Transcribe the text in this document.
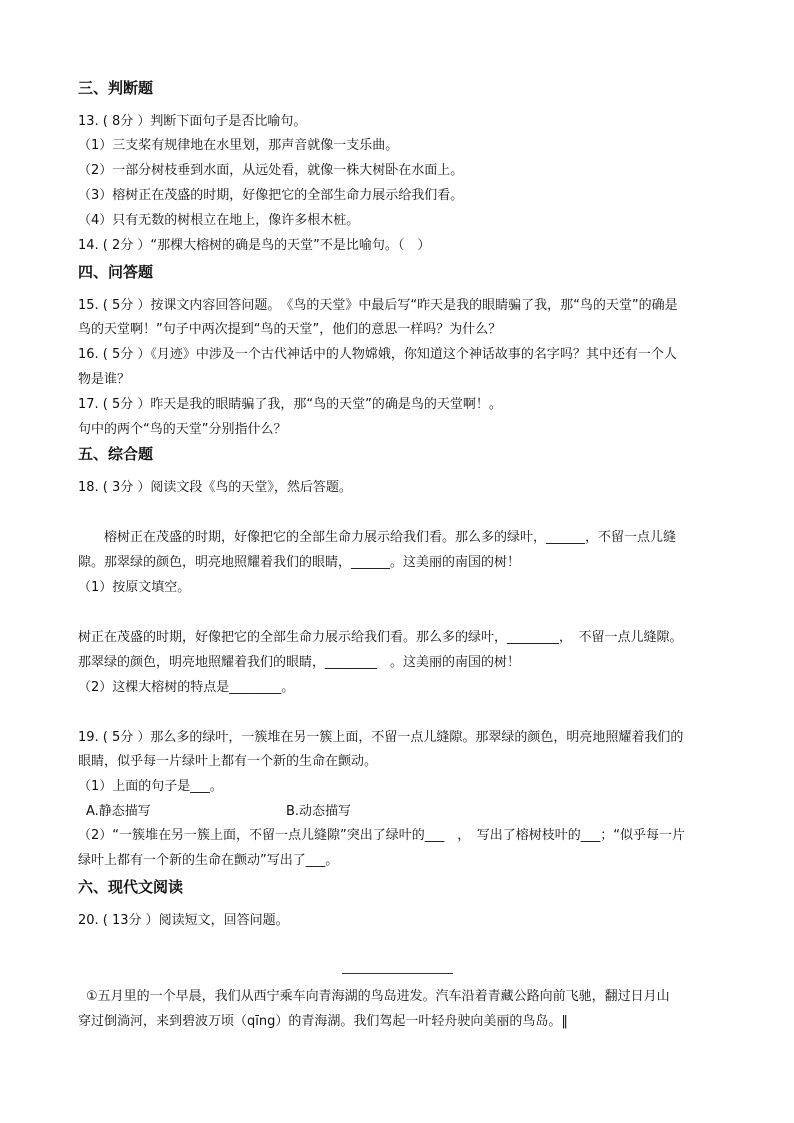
三、判断题
13. ( 8分 ）判断下面句子是否比喻句。
（1）三支桨有规律地在水里划，那声音就像一支乐曲。
（2）一部分树枝垂到水面，从远处看，就像一株大树卧在水面上。
（3）榕树正在茂盛的时期，好像把它的全部生命力展示给我们看。
（4）只有无数的树根立在地上，像许多根木桩。
14. ( 2分 ）“那棵大榕树的确是鸟的天堂”不是比喻句。（　）
四、问答题
15. ( 5分 ）按课文内容回答问题。　《鸟的天堂》中最后写“昨天是我的眼睛骗了我，那“鸟的天堂”的确是
鸟的天堂啊！”句子中两次提到“鸟的天堂”，他们的意思一样吗？为什么？
16. ( 5分 ）《月迹》中涉及一个古代神话中的人物嫦娥，你知道这个神话故事的名字吗？其中还有一个人
物是谁？
17. ( 5分 ）昨天是我的眼睛骗了我，那“鸟的天堂”的确是鸟的天堂啊！。
句中的两个“鸟的天堂”分别指什么？
五、综合题
18. ( 3分 ）阅读文段《鸟的天堂》，然后答题。
　　榕树正在茂盛的时期，好像把它的全部生命力展示给我们看。那么多的绿叶，______，不留一点儿缝
隙。那翠绿的颜色，明亮地照耀着我们的眼睛，______。这美丽的南国的树！
（1）按原文填空。
树正在茂盛的时期，好像把它的全部生命力展示给我们看。那么多的绿叶，________，　不留一点儿缝隙。
那翠绿的颜色，明亮地照耀着我们的眼睛，________　。这美丽的南国的树！
（2）这棵大榕树的特点是________。
19. ( 5分 ）那么多的绿叶，一簇堆在另一簇上面，不留一点儿缝隙。那翠绿的颜色，明亮地照耀着我们的
眼睛，似乎每一片绿叶上都有一个新的生命在颤动。
（1）上面的句子是___。
A.静态描写	B.动态描写
（2）“一簇堆在另一簇上面，不留一点儿缝隙”突出了绿叶的___　，　写出了榕树枝叶的___；“似乎每一片
绿叶上都有一个新的生命在颤动”写出了___。
六、现代文阅读
20. ( 13分 ）阅读短文，回答问题。
①五月里的一个早晨，我们从西宁乘车向青海湖的鸟岛进发。汽车沿着青藏公路向前飞驰，翻过日月山
穿过倒淌河，来到碧波万顷（qīng）的青海湖。我们驾起一叶轻舟驶向美丽的鸟岛。‖
